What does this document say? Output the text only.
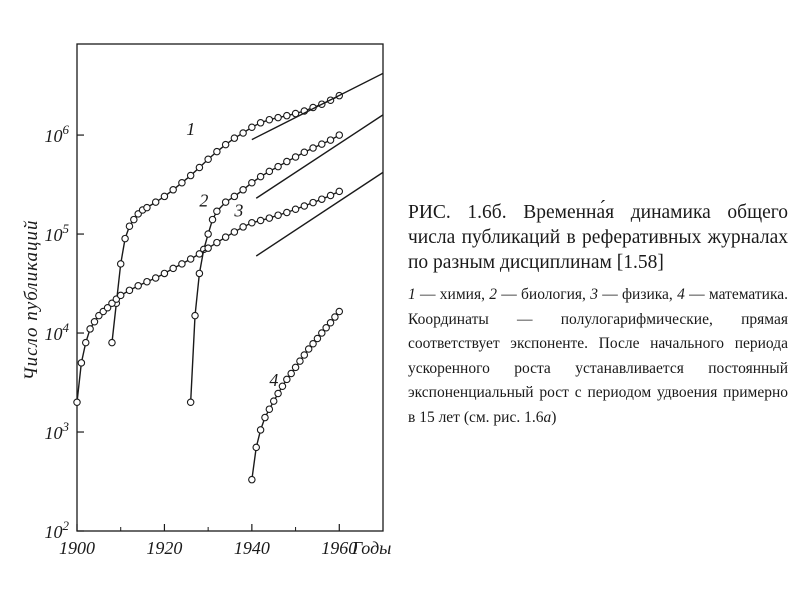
1900	1920	1940	1960
$10^2$
$10^3$
$10^4$
$10^5$
$10^6$	1
2
3
4
Число публикаций
Годы

РИС. 1.6б. Временна́я динамика общего числа публикаций в реферативных журналах по разным дисциплинам [1.58]

1 — химия, 2 — биология, 3 — физика, 4 — математика. Координаты — полулогарифмические, прямая соответствует экспоненте. После начального периода ускоренного роста устанавливается постоянный экспоненциальный рост с периодом удвоения примерно в 15 лет (см. рис. 1.6а)
